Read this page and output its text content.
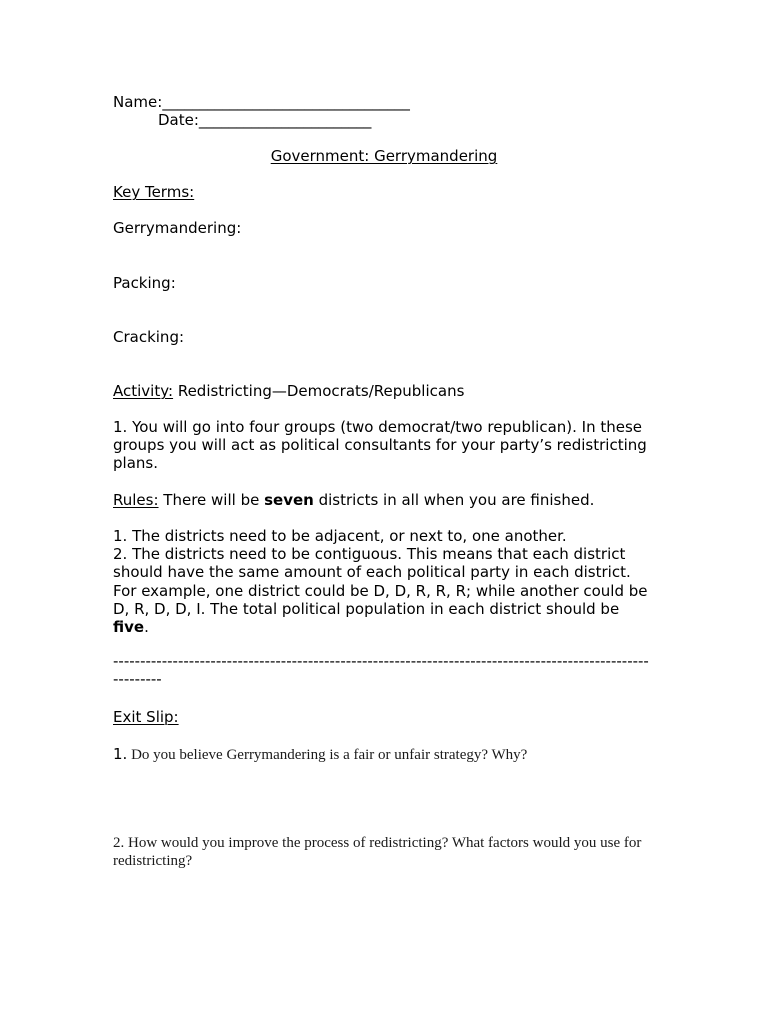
Name:_________________________________
Date:_______________________
Government: Gerrymandering
Key Terms:
Gerrymandering:
Packing:
Cracking:
Activity: Redistricting—Democrats/Republicans
1. You will go into four groups (two democrat/two republican). In these
groups you will act as political consultants for your party’s redistricting
plans.
Rules: There will be seven districts in all when you are finished.
1. The districts need to be adjacent, or next to, one another.
2. The districts need to be contiguous. This means that each district
should have the same amount of each political party in each district.
For example, one district could be D, D, R, R, R; while another could be
D, R, D, D, I. The total political population in each district should be
five.
---------------------------------------------------------------------------------------------------
---------
Exit Slip:
1. Do you believe Gerrymandering is a fair or unfair strategy? Why?
2. How would you improve the process of redistricting? What factors would you use for
redistricting?
